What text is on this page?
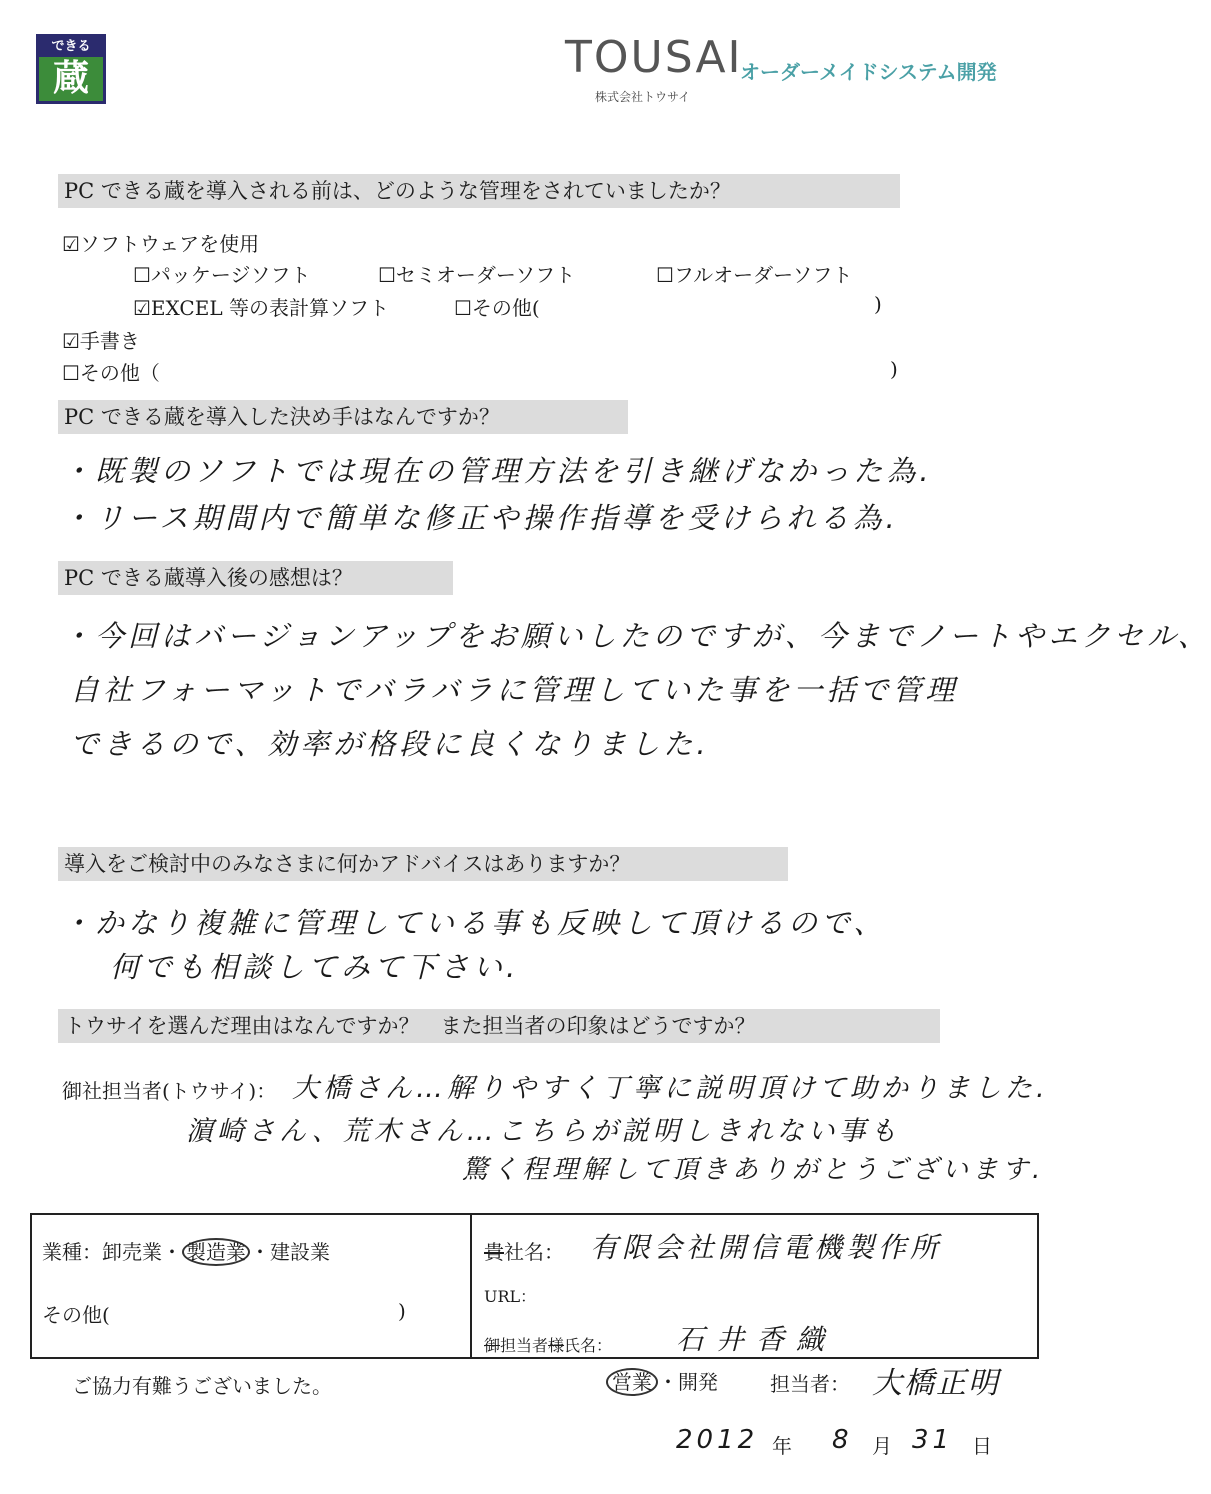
できる
蔵	TOUSAI
オーダーメイドシステム開発
株式会社トウサイ
PC できる蔵を導入される前は、どのような管理をされていましたか？
☑ソフトウェアを使用
☐パッケージソフト	☐セミオーダーソフト	☐フルオーダーソフト
☑EXCEL 等の表計算ソフト	☐その他(	)
☑手書き
☐その他（	)
PC できる蔵を導入した決め手はなんですか？
・既製のソフトでは現在の管理方法を引き継げなかった為.
・リース期間内で簡単な修正や操作指導を受けられる為.
PC できる蔵導入後の感想は？
・今回はバージョンアップをお願いしたのですが、今までノートやエクセル、
自社フォーマットでバラバラに管理していた事を一括で管理
できるので、効率が格段に良くなりました.
導入をご検討中のみなさまに何かアドバイスはありますか？
・かなり複雑に管理している事も反映して頂けるので、
何でも相談してみて下さい.
トウサイを選んだ理由はなんですか？　また担当者の印象はどうですか？
御社担当者(トウサイ)： 大橋さん…解りやすく丁寧に説明頂けて助かりました.
濵崎さん、荒木さん…こちらが説明しきれない事も
驚く程理解して頂きありがとうございます.
業種：卸売業・ 製造業 ・建設業
その他(	)
貴社名： 有限会社開信電機製作所
URL：
御担当者様氏名： 石井香織
ご協力有難うございました。	営業 ・開発	担当者： 大橋正明
2012 年 8 月 31 日
